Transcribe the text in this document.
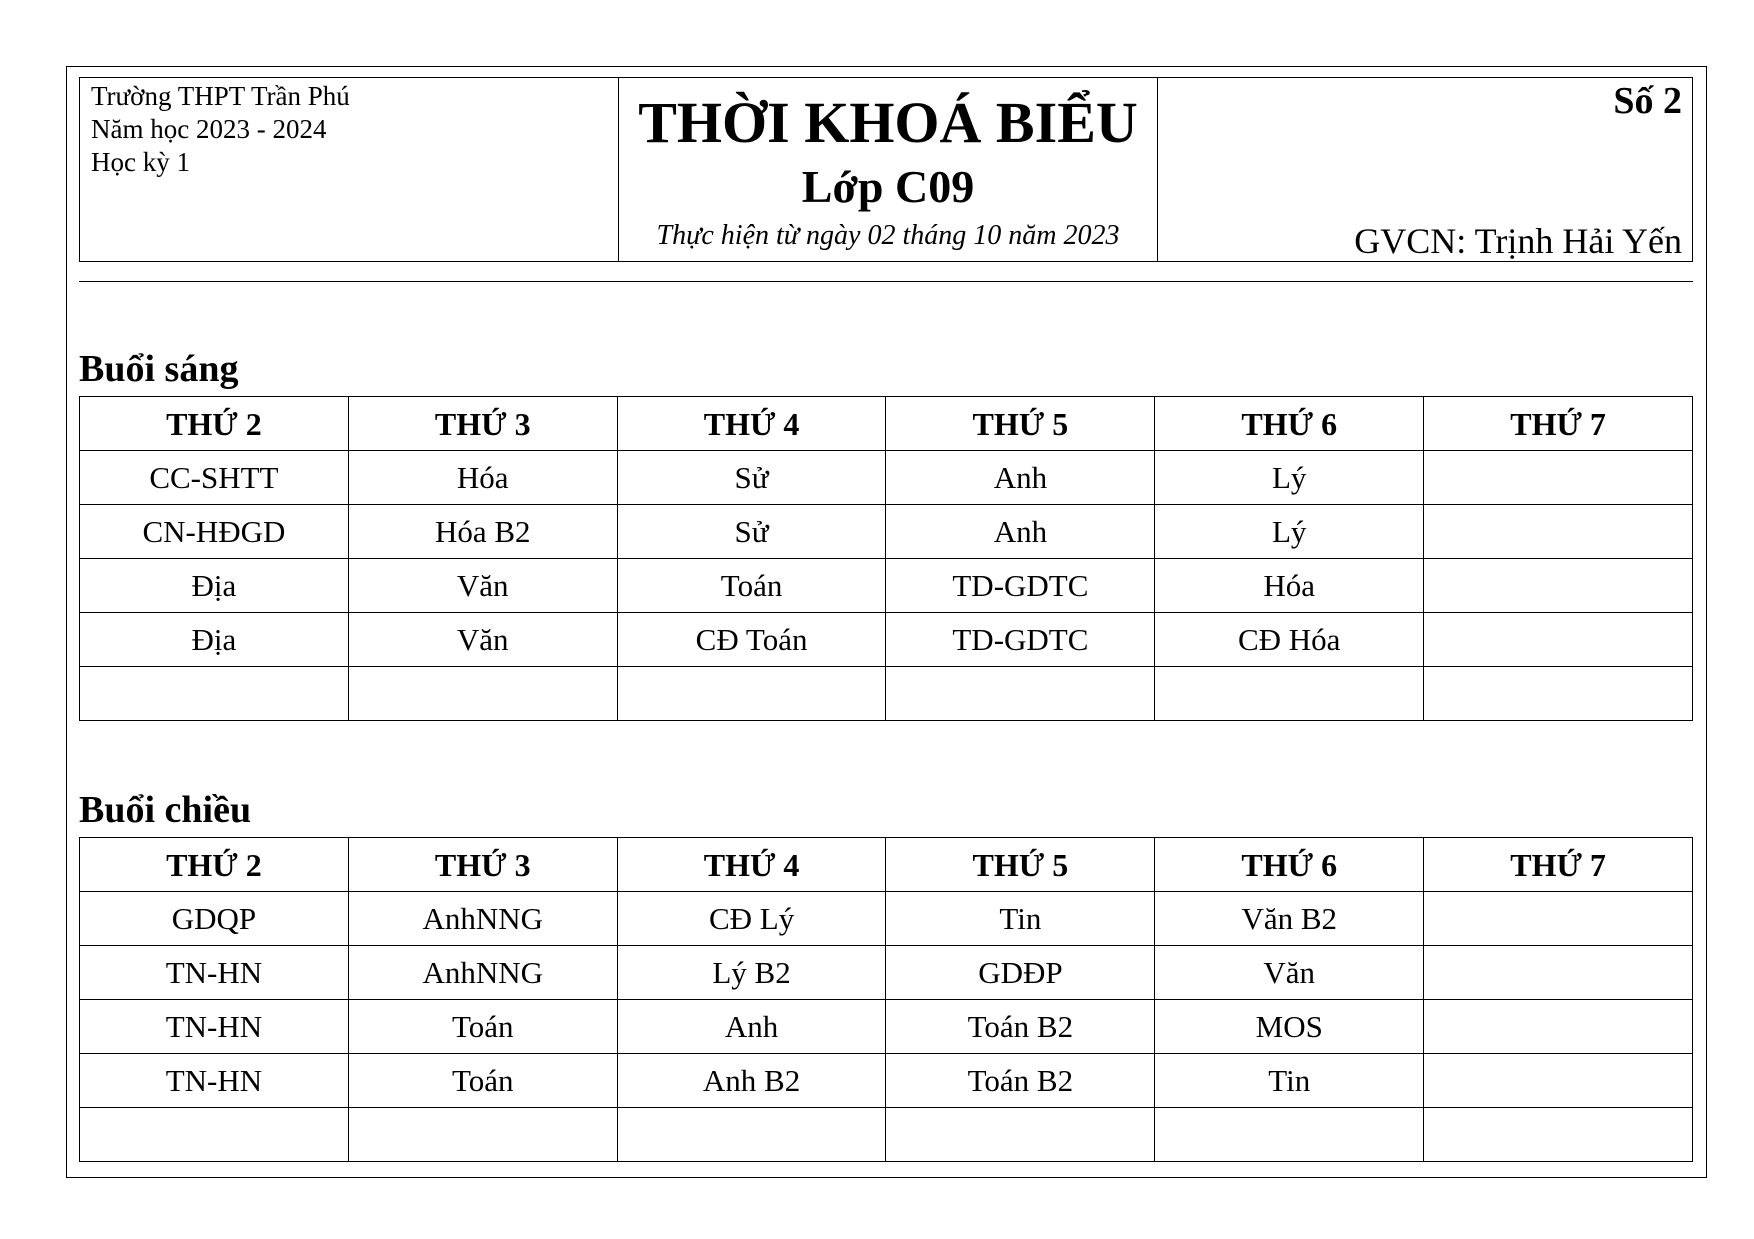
Trường THPT Trần Phú
Năm học 2023 - 2024
Học kỳ 1
THỜI KHOÁ BIỂU
Lớp C09
Thực hiện từ ngày 02 tháng 10 năm 2023
Số 2
GVCN: Trịnh Hải Yến
Buổi sáng
THỨ 2	THỨ 3	THỨ 4	THỨ 5	THỨ 6	THỨ 7
CC-SHTT	Hóa	Sử	Anh	Lý	
CN-HĐGD	Hóa B2	Sử	Anh	Lý	
Địa	Văn	Toán	TD-GDTC	Hóa	
Địa	Văn	CĐ Toán	TD-GDTC	CĐ Hóa	

Buổi chiều
THỨ 2	THỨ 3	THỨ 4	THỨ 5	THỨ 6	THỨ 7
GDQP	AnhNNG	CĐ Lý	Tin	Văn B2	
TN-HN	AnhNNG	Lý B2	GDĐP	Văn	
TN-HN	Toán	Anh	Toán B2	MOS	
TN-HN	Toán	Anh B2	Toán B2	Tin	
